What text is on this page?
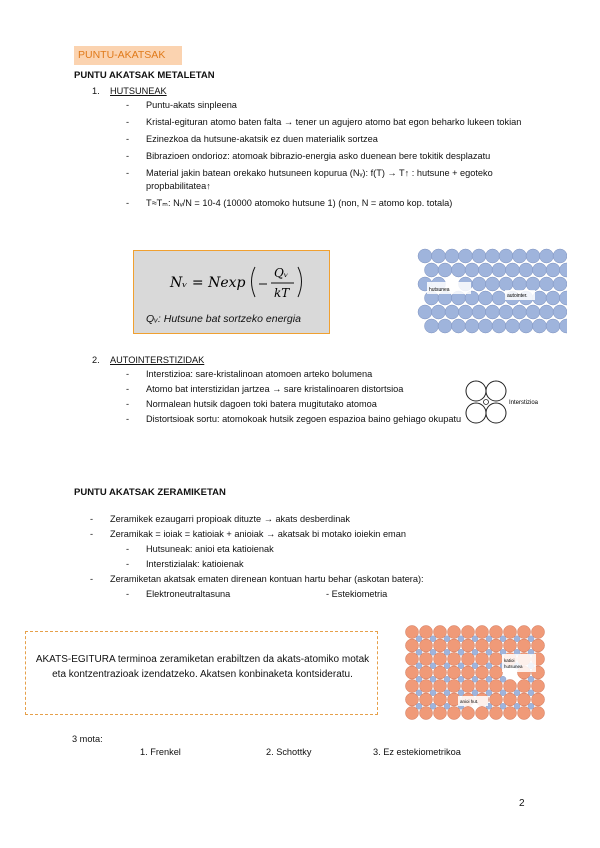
PUNTU-AKATSAK
PUNTU AKATSAK METALETAN
1. HUTSUNEAK
- Puntu-akats sinpleena
- Kristal-egituran atomo baten falta → tener un agujero atomo bat egon beharko lukeen tokian
- Ezinezkoa da hutsune-akatsik ez duen materialik sortzea
- Bibrazioen ondorioz: atomoak bibrazio-energia asko duenean bere tokitik desplazatu
- Material jakin batean orekako hutsuneen kopurua (Nᵥ): f(T) → T↑ : hutsune + egoteko propbabilitatea↑
- T≈Tₘ: Nᵥ/N = 10-4 (10000 atomoko hutsune 1) (non, N = atomo kop. totala)
Nᵥ = Nexp
Qᵥ
kT
Qᵥ: Hutsune bat sortzeko energia
hutsunea
autointer.
2. AUTOINTERSTIZIDAK
- Interstizioa: sare-kristalinoan atomoen arteko bolumena
- Atomo bat interstizidan jartzea → sare kristalinoaren distortsioa
- Normalean hutsik dagoen toki batera mugitutako atomoa
- Distortsioak sortu: atomokoak hutsik zegoen espazioa baino gehiago okupatu
Interstizioa
PUNTU AKATSAK ZERAMIKETAN
- Zeramikek ezaugarri propioak dituzte → akats desberdinak
- Zeramikak = ioiak = katioiak + anioiak → akatsak bi motako ioiekin eman
- Hutsuneak: anioi eta katioienak
- Interstizialak: katioienak
- Zeramiketan akatsak ematen direnean kontuan hartu behar (askotan batera):
- Elektroneutraltasuna	- Estekiometria
AKATS-EGITURA terminoa zeramiketan erabiltzen da akats-atomiko motak eta kontzentrazioak izendatzeko. Akatsen konbinaketa kontsideratu.
katioi
hutsunea
anioi hut.
3 mota:
1. Frenkel	2. Schottky	3. Ez estekiometrikoa
2
